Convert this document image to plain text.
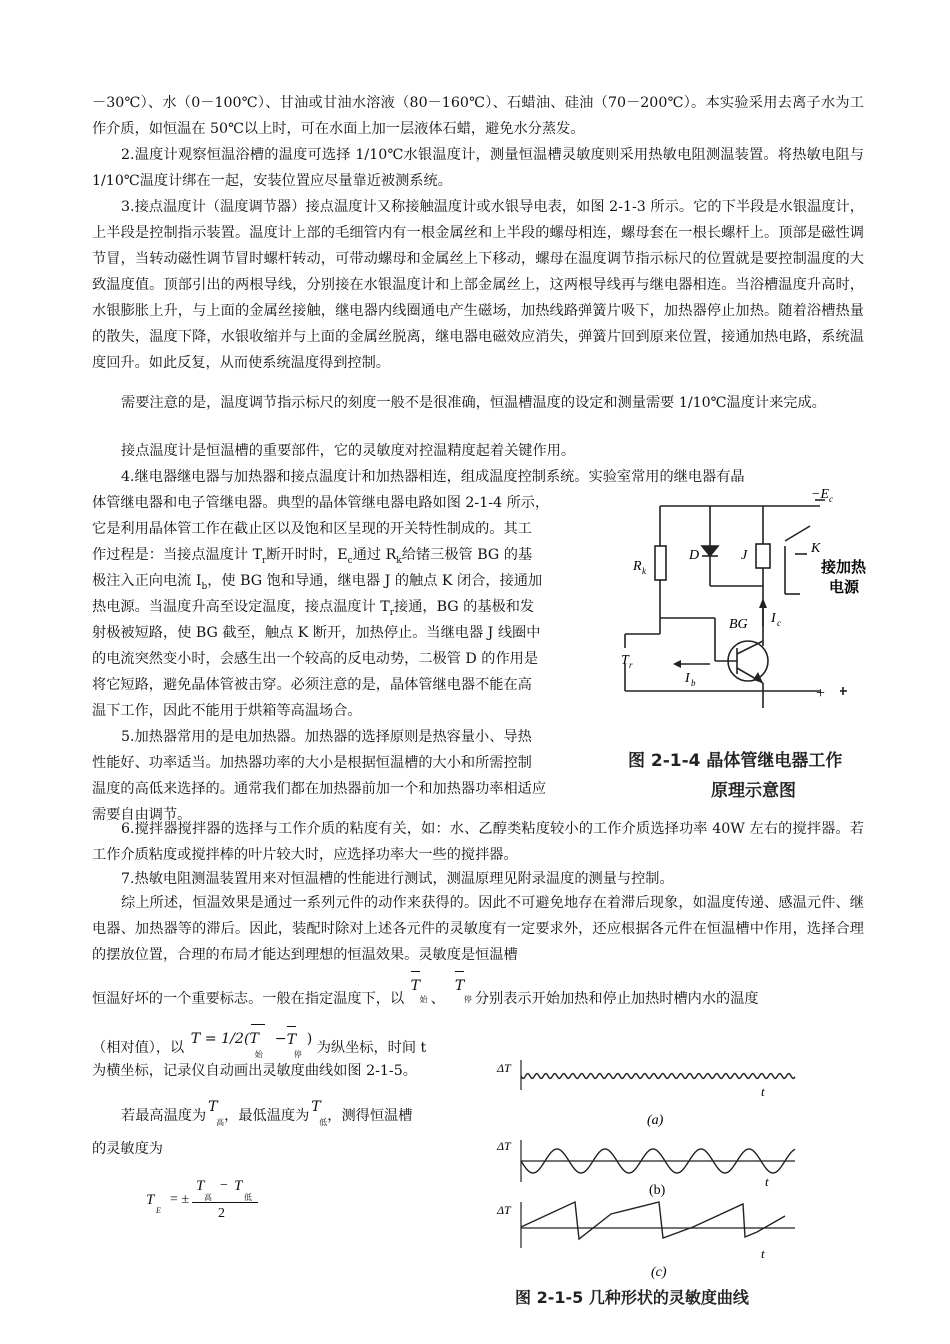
－30℃）、水（0－100℃）、甘油或甘油水溶液（80－160℃）、石蜡油、硅油（70－200℃）。本实验采用去离子水为工作介质，如恒温在 50℃以上时，可在水面上加一层液体石蜡，避免水分蒸发。

2.温度计观察恒温浴槽的温度可选择 1/10℃水银温度计，测量恒温槽灵敏度则采用热敏电阻测温装置。将热敏电阻与 1/10℃温度计绑在一起，安装位置应尽量靠近被测系统。

3.接点温度计（温度调节器）接点温度计又称接触温度计或水银导电表，如图 2-1-3 所示。它的下半段是水银温度计，上半段是控制指示装置。温度计上部的毛细管内有一根金属丝和上半段的螺母相连，螺母套在一根长螺杆上。顶部是磁性调节冒，当转动磁性调节冒时螺杆转动，可带动螺母和金属丝上下移动，螺母在温度调节指示标尺的位置就是要控制温度的大致温度值。顶部引出的两根导线，分别接在水银温度计和上部金属丝上，这两根导线再与继电器相连。当浴槽温度升高时，水银膨胀上升，与上面的金属丝接触，继电器内线圈通电产生磁场，加热线路弹簧片吸下，加热器停止加热。随着浴槽热量的散失，温度下降，水银收缩并与上面的金属丝脱离，继电器电磁效应消失，弹簧片回到原来位置，接通加热电路，系统温度回升。如此反复，从而使系统温度得到控制。

需要注意的是，温度调节指示标尺的刻度一般不是很准确，恒温槽温度的设定和测量需要 1/10℃温度计来完成。

接点温度计是恒温槽的重要部件，它的灵敏度对控温精度起着关键作用。

4.继电器继电器与加热器和接点温度计和加热器相连，组成温度控制系统。实验室常用的继电器有晶

体管继电器和电子管继电器。典型的晶体管继电器电路如图 2-1-4 所示，
它是利用晶体管工作在截止区以及饱和区呈现的开关特性制成的。其工
作过程是：当接点温度计 $T_r$断开时时，$E_c$通过 $R_k$给锗三极管 BG 的基
极注入正向电流 $I_b$，使 BG 饱和导通，继电器 J 的触点 K 闭合，接通加
热电源。当温度升高至设定温度，接点温度计 $T_r$接通，BG 的基极和发
射极被短路，使 BG 截至，触点 K 断开，加热停止。当继电器 J 线圈中
的电流突然变小时，会感生出一个较高的反电动势，二极管 D 的作用是
将它短路，避免晶体管被击穿。必须注意的是，晶体管继电器不能在高
温下工作，因此不能用于烘箱等高温场合。
5.加热器常用的是电加热器。加热器的选择原则是热容量小、导热
性能好、功率适当。加热器功率的大小是根据恒温槽的大小和所需控制
温度的高低来选择的。通常我们都在加热器前加一个和加热器功率相适应
需要自由调节。
−E c
D	J	K
R k	接加热
电源
BG I c
T r
I b
+
图 2-1-4 晶体管继电器工作
原理示意图

6.搅拌器搅拌器的选择与工作介质的粘度有关，如：水、乙醇类粘度较小的工作介质选择功率 40W 左右的搅拌器。若工作介质粘度或搅拌棒的叶片较大时，应选择功率大一些的搅拌器。

7.热敏电阻测温装置用来对恒温槽的性能进行测试，测温原理见附录温度的测量与控制。

综上所述，恒温效果是通过一系列元件的动作来获得的。因此不可避免地存在着滞后现象，如温度传递、感温元件、继电器、加热器等的滞后。因此，装配时除对上述各元件的灵敏度有一定要求外，还应根据各元件在恒温槽中作用，选择合理的摆放位置，合理的布局才能达到理想的恒温效果。灵敏度是恒温槽

恒温好坏的一个重要标志。一般在指定温度下，以
T
始 、
T
停 分别表示开始加热和停止加热时槽内水的温度
（相对值），以
T = 1/2(T
始
− T
停
)
为纵坐标，时间 t

为横坐标，记录仪自动画出灵敏度曲线如图 2-1-5。

若最高温度为
T
高 ，最低温度为
T
低 ，测得恒温槽

的灵敏度为

T
E
= ±
T
高
− T
低
2
ΔT
ΔT
ΔT
t
t
t
(a)
(b)
(c)
图 2-1-5 几种形状的灵敏度曲线
